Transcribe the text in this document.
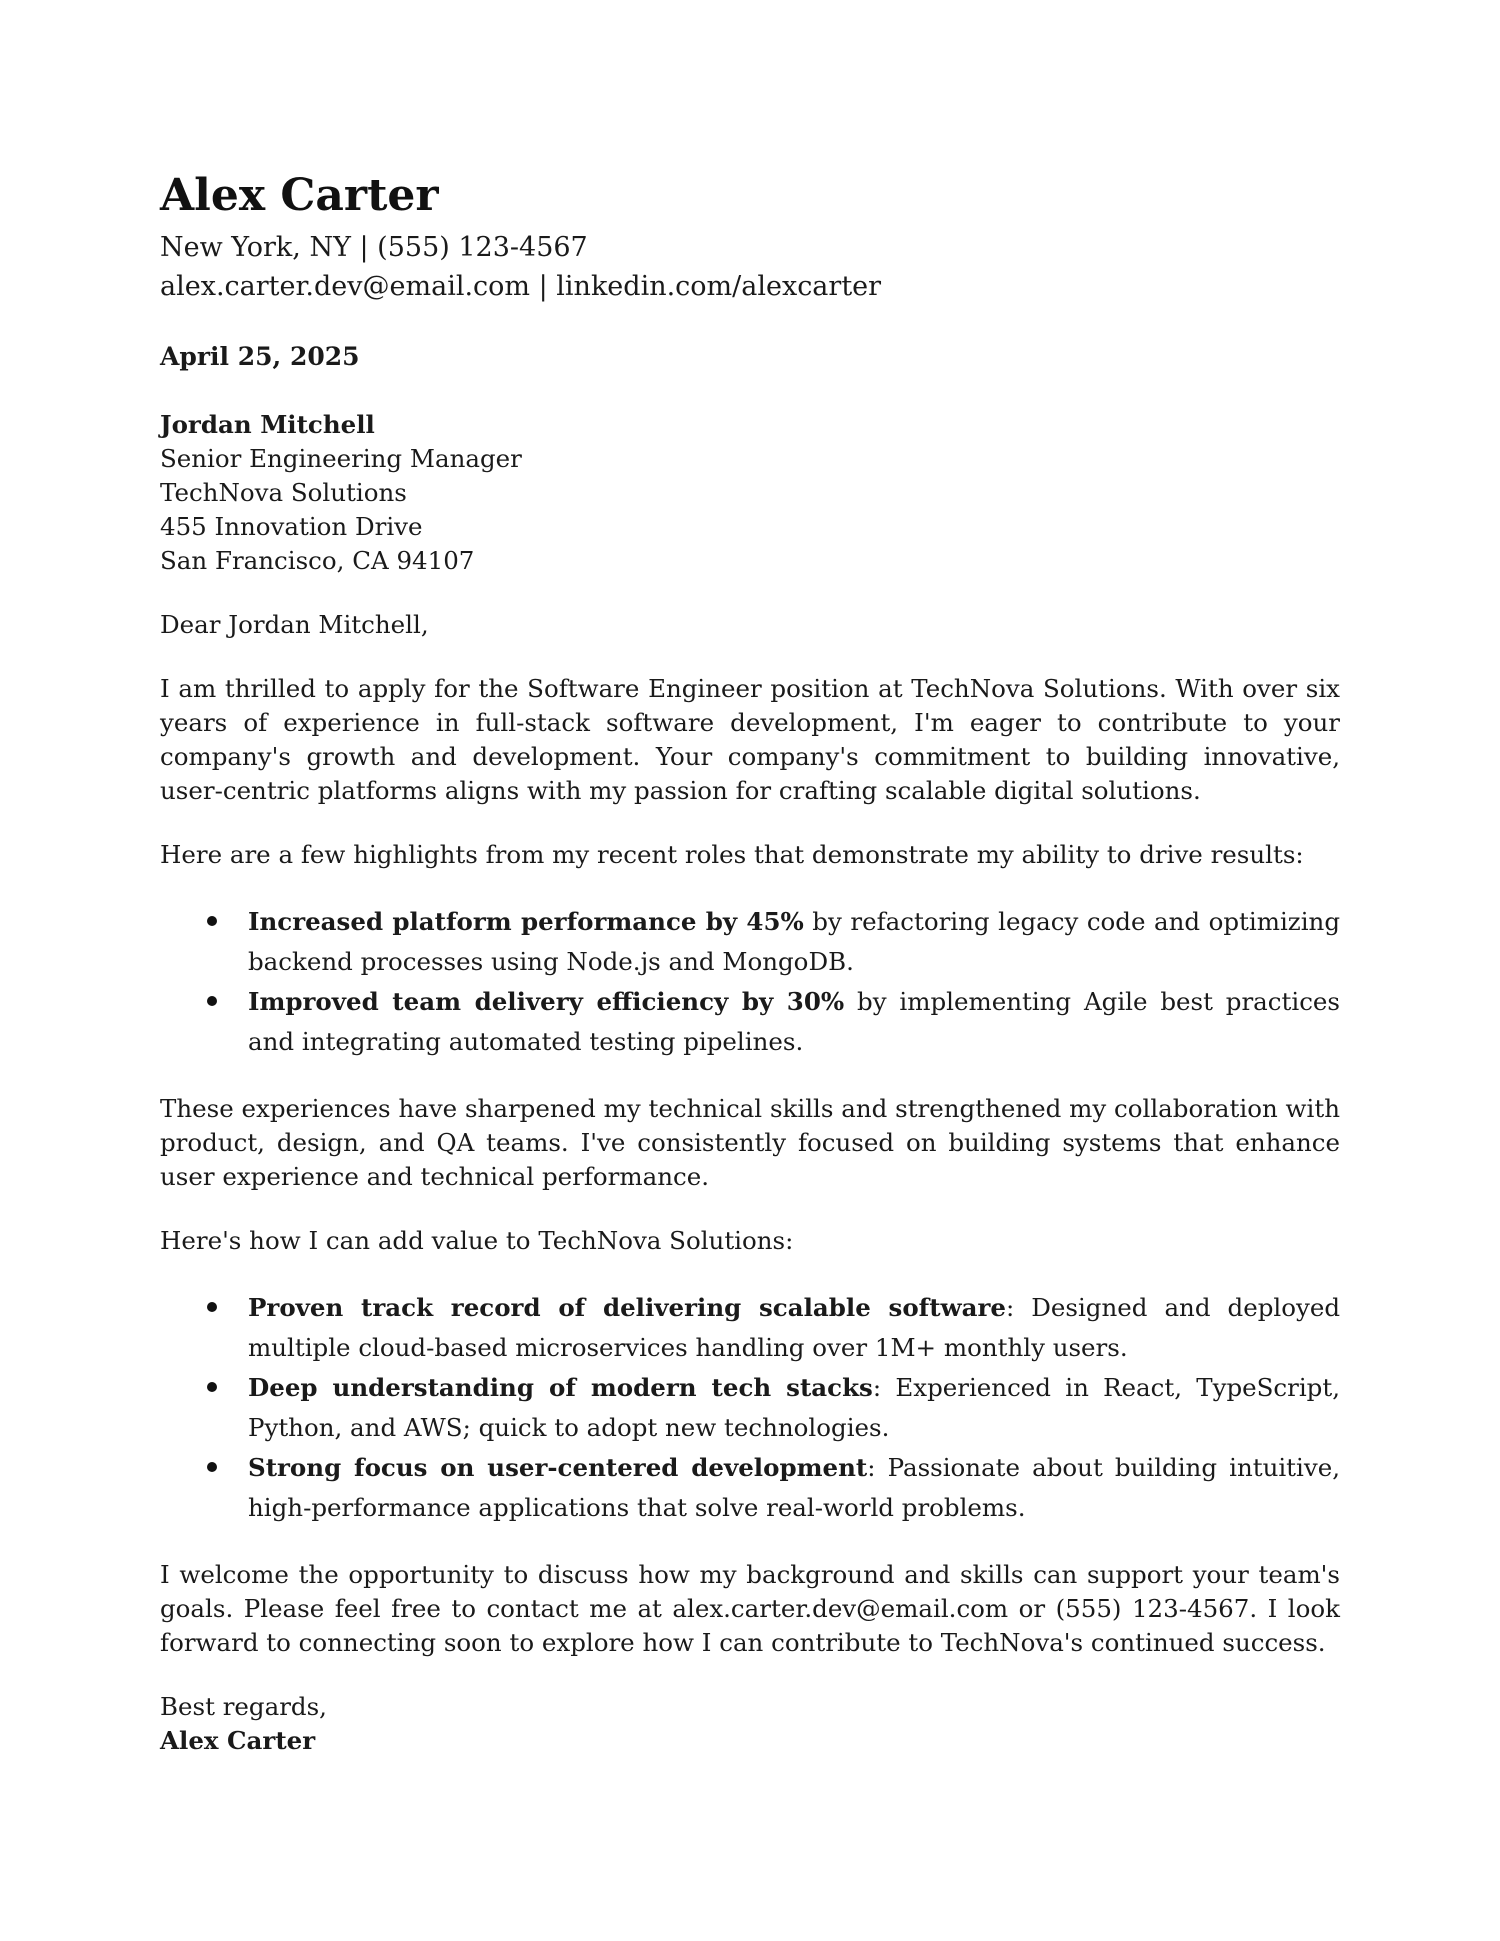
Alex Carter
New York, NY | (555) 123-4567
alex.carter.dev@email.com | linkedin.com/alexcarter
April 25, 2025
Jordan Mitchell
Senior Engineering Manager
TechNova Solutions
455 Innovation Drive
San Francisco, CA 94107

Dear Jordan Mitchell,

I am thrilled to apply for the Software Engineer position at TechNova Solutions. With over six years of experience in full-stack software development, I'm eager to contribute to your company's growth and development. Your company's commitment to building innovative, user-centric platforms aligns with my passion for crafting scalable digital solutions.

Here are a few highlights from my recent roles that demonstrate my ability to drive results:

Increased platform performance by 45% by refactoring legacy code and optimizing backend processes using Node.js and MongoDB.
Improved team delivery efficiency by 30% by implementing Agile best practices and integrating automated testing pipelines.

These experiences have sharpened my technical skills and strengthened my collaboration with product, design, and QA teams. I've consistently focused on building systems that enhance user experience and technical performance.

Here's how I can add value to TechNova Solutions:

Proven track record of delivering scalable software: Designed and deployed multiple cloud-based microservices handling over 1M+ monthly users.
Deep understanding of modern tech stacks: Experienced in React, TypeScript, Python, and AWS; quick to adopt new technologies.
Strong focus on user-centered development: Passionate about building intuitive, high-performance applications that solve real-world problems.

I welcome the opportunity to discuss how my background and skills can support your team's goals. Please feel free to contact me at alex.carter.dev@email.com or (555) 123-4567. I look forward to connecting soon to explore how I can contribute to TechNova's continued success.

Best regards,
Alex Carter
